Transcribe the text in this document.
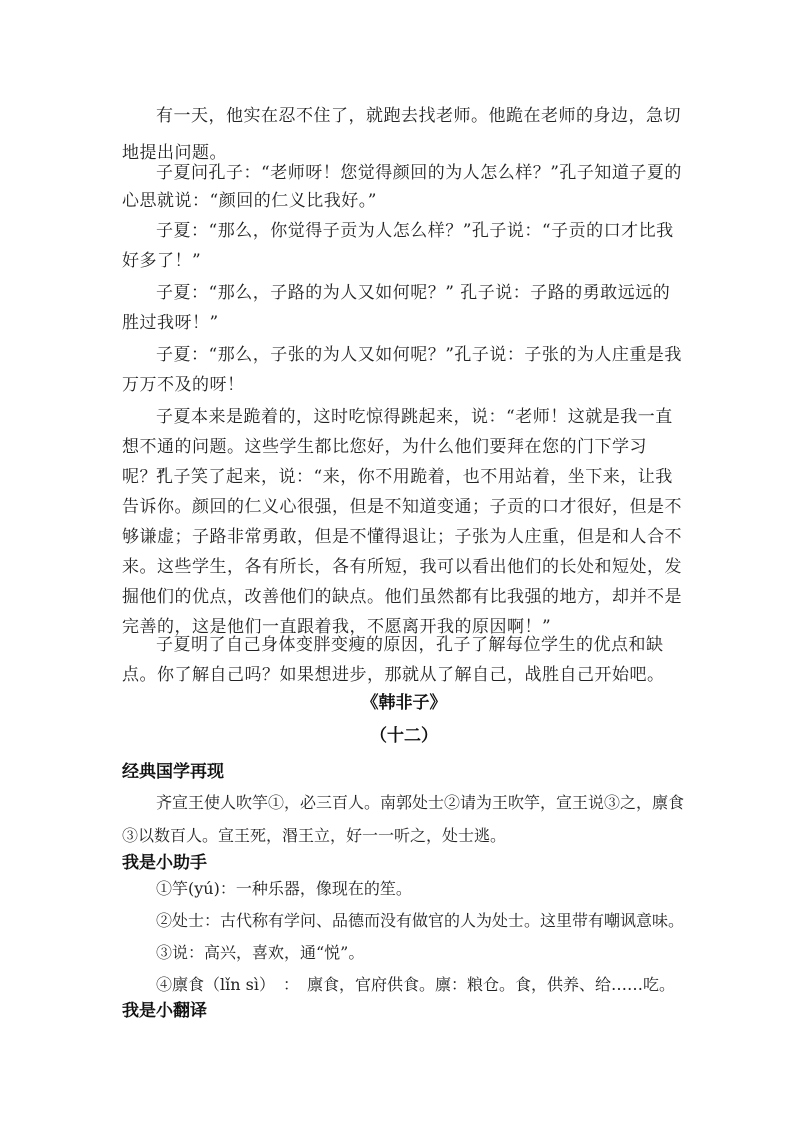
有一天，他实在忍不住了，就跑去找老师。他跪在老师的身边，急切地提出问题。

子夏问孔子：“老师呀！您觉得颜回的为人怎么样？”孔子知道子夏的心思就说：“颜回的仁义比我好。”

子夏：“那么，你觉得子贡为人怎么样？”孔子说：“子贡的口才比我好多了！”

子夏：“那么，子路的为人又如何呢？” 孔子说：子路的勇敢远远的胜过我呀！”

子夏：“那么，子张的为人又如何呢？”孔子说：子张的为人庄重是我万万不及的呀！

子夏本来是跪着的，这时吃惊得跳起来，说：“老师！这就是我一直想不通的问题。这些学生都比您好，为什么他们要拜在您的门下学习呢？”

孔子笑了起来，说：“来，你不用跪着，也不用站着，坐下来，让我告诉你。颜回的仁义心很强，但是不知道变通；子贡的口才很好，但是不够谦虚；子路非常勇敢，但是不懂得退让；子张为人庄重，但是和人合不来。这些学生，各有所长，各有所短，我可以看出他们的长处和短处，发掘他们的优点，改善他们的缺点。他们虽然都有比我强的地方，却并不是完善的，这是他们一直跟着我，不愿离开我的原因啊！”

子夏明了自己身体变胖变瘦的原因，孔子了解每位学生的优点和缺点。你了解自己吗？如果想进步，那就从了解自己，战胜自己开始吧。

《韩非子》
（十二）
经典国学再现

齐宣王使人吹竽①，必三百人。南郭处士②请为王吹竽，宣王说③之，廪食③以数百人。宣王死，湣王立，好一一听之，处士逃。

我是小助手

①竽(yú)：一种乐器，像现在的笙。

②处士：古代称有学问、品德而没有做官的人为处士。这里带有嘲讽意味。

③说：高兴，喜欢，通“悦”。

④廪食（lǐn sì）　：　廪食，官府供食。廪：粮仓。食，供养、给……吃。

我是小翻译
